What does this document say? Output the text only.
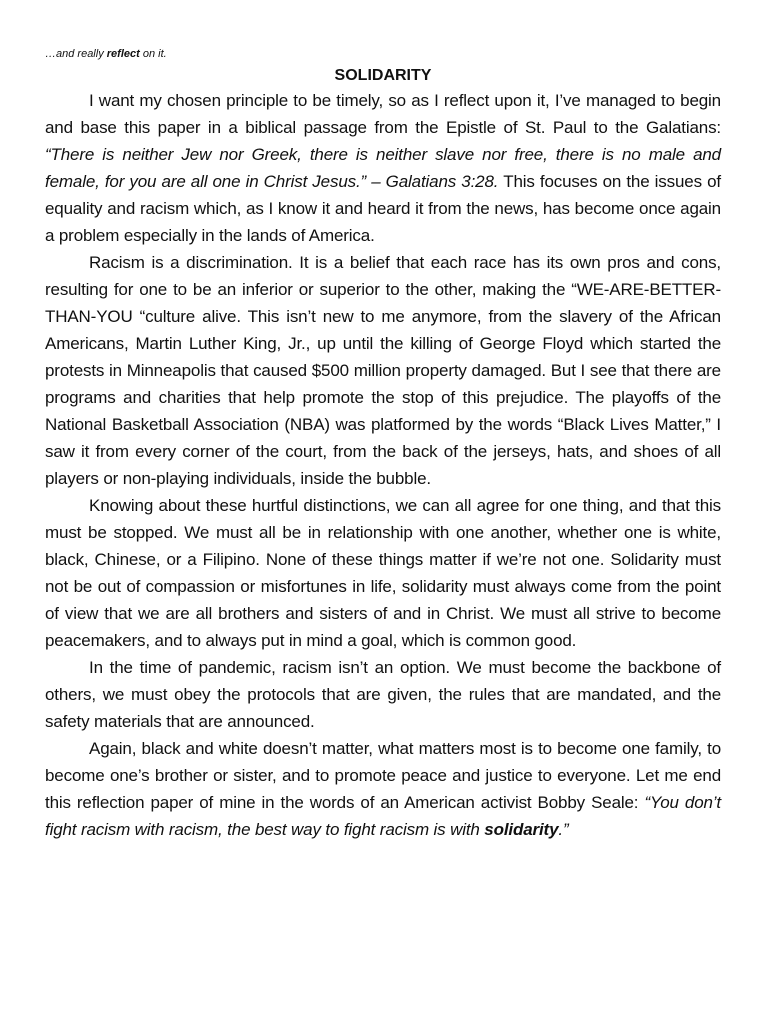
…and really reflect on it.

SOLIDARITY

I want my chosen principle to be timely, so as I reflect upon it, I’ve managed to begin and base this paper in a biblical passage from the Epistle of St. Paul to the Galatians: “There is neither Jew nor Greek, there is neither slave nor free, there is no male and female, for you are all one in Christ Jesus.” – Galatians 3:28. This focuses on the issues of equality and racism which, as I know it and heard it from the news, has become once again a problem especially in the lands of America.

Racism is a discrimination. It is a belief that each race has its own pros and cons, resulting for one to be an inferior or superior to the other, making the “WE-ARE-BETTER-THAN-YOU “culture alive. This isn’t new to me anymore, from the slavery of the African Americans, Martin Luther King, Jr., up until the killing of George Floyd which started the protests in Minneapolis that caused $500 million property damaged. But I see that there are programs and charities that help promote the stop of this prejudice. The playoffs of the National Basketball Association (NBA) was platformed by the words “Black Lives Matter,” I saw it from every corner of the court, from the back of the jerseys, hats, and shoes of all players or non-playing individuals, inside the bubble.

Knowing about these hurtful distinctions, we can all agree for one thing, and that this must be stopped. We must all be in relationship with one another, whether one is white, black, Chinese, or a Filipino. None of these things matter if we’re not one. Solidarity must not be out of compassion or misfortunes in life, solidarity must always come from the point of view that we are all brothers and sisters of and in Christ. We must all strive to become peacemakers, and to always put in mind a goal, which is common good.

In the time of pandemic, racism isn’t an option. We must become the backbone of others, we must obey the protocols that are given, the rules that are mandated, and the safety materials that are announced.

Again, black and white doesn’t matter, what matters most is to become one family, to become one’s brother or sister, and to promote peace and justice to everyone. Let me end this reflection paper of mine in the words of an American activist Bobby Seale: “You don’t fight racism with racism, the best way to fight racism is with solidarity.”
